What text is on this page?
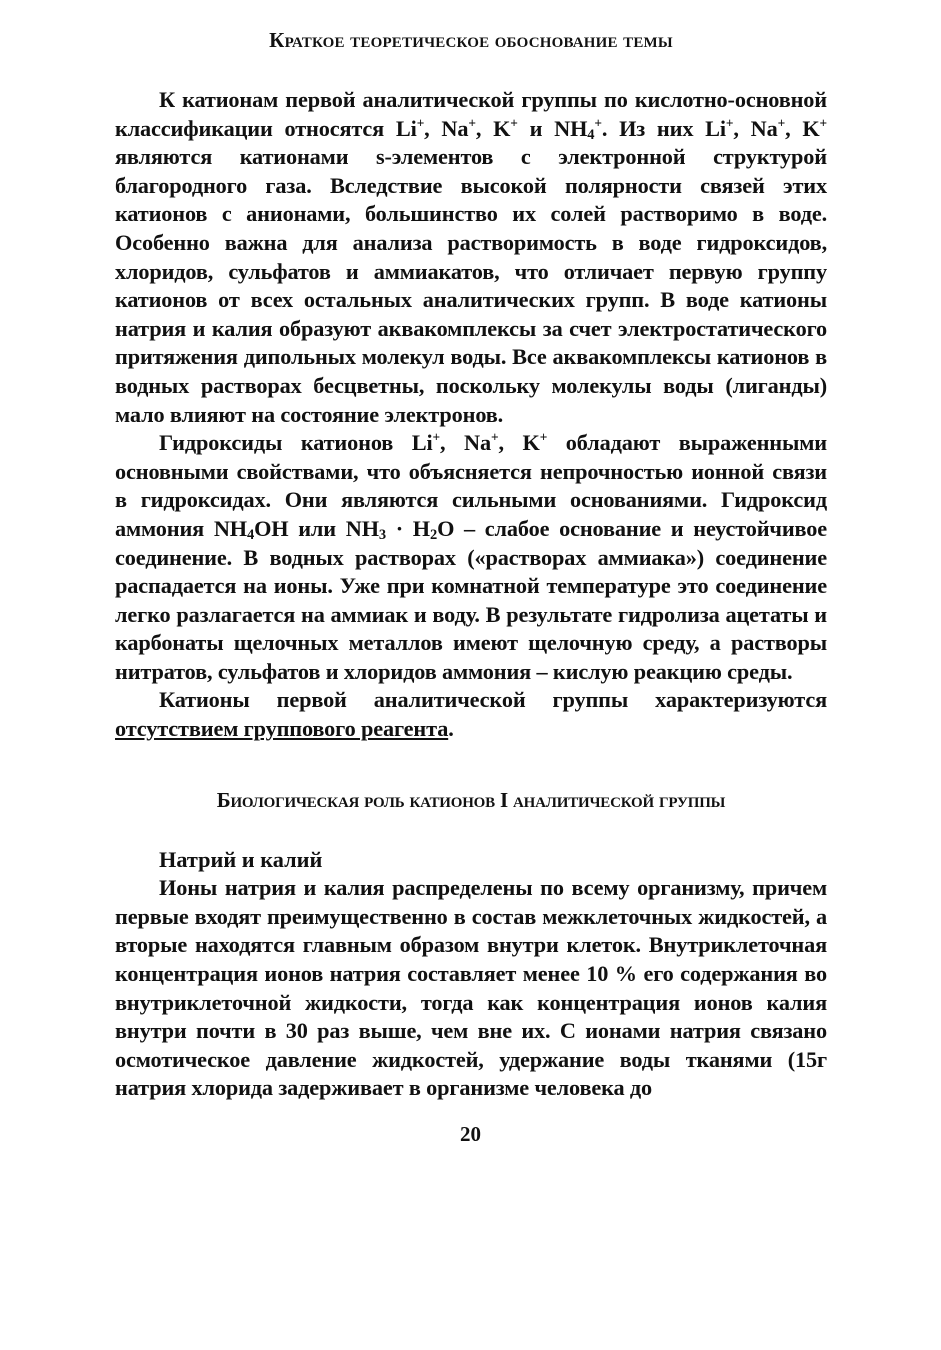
Краткое теоретическое обоснование темы

К катионам первой аналитической группы по кислотно-основной классификации относятся Li+, Na+, K+ и $NH_4^+$. Из них Li+, Na+, K+ являются катионами s-элементов с электронной структурой благородного газа. Вследствие высокой полярности связей этих катионов с анионами, большинство их солей растворимо в воде. Особенно важна для анализа растворимость в воде гидроксидов, хлоридов, сульфатов и аммиакатов, что отличает первую группу катионов от всех остальных аналитических групп. В воде катионы натрия и калия образуют аквакомплексы за счет электростатического притяжения дипольных молекул воды. Все аквакомплексы катионов в водных растворах бесцветны, поскольку молекулы воды (лиганды) мало влияют на состояние электронов.

Гидроксиды катионов Li+, Na+, K+ обладают выраженными основными свойствами, что объясняется непрочностью ионной связи в гидроксидах. Они являются сильными основаниями. Гидроксид аммония $NH_4OH$ или $NH_3 \cdot H_2O$ – слабое основание и неустойчивое соединение. В водных растворах («растворах аммиака») соединение распадается на ионы. Уже при комнатной температуре это соединение легко разлагается на аммиак и воду. В результате гидролиза ацетаты и карбонаты щелочных металлов имеют щелочную среду, а растворы нитратов, сульфатов и хлоридов аммония – кислую реакцию среды.

Катионы первой аналитической группы характеризуются отсутствием группового реагента.

Биологическая роль катионов I аналитической группы
Натрий и калий

Ионы натрия и калия распределены по всему организму, причем первые входят преимущественно в состав межклеточных жидкостей, а вторые находятся главным образом внутри клеток. Внутриклеточная концентрация ионов натрия составляет менее 10 % его содержания во внутриклеточной жидкости, тогда как концентрация ионов калия внутри почти в 30 раз выше, чем вне их. С ионами натрия связано осмотическое давление жидкостей, удержание воды тканями (15г натрия хлорида задерживает в организме человека до

20
